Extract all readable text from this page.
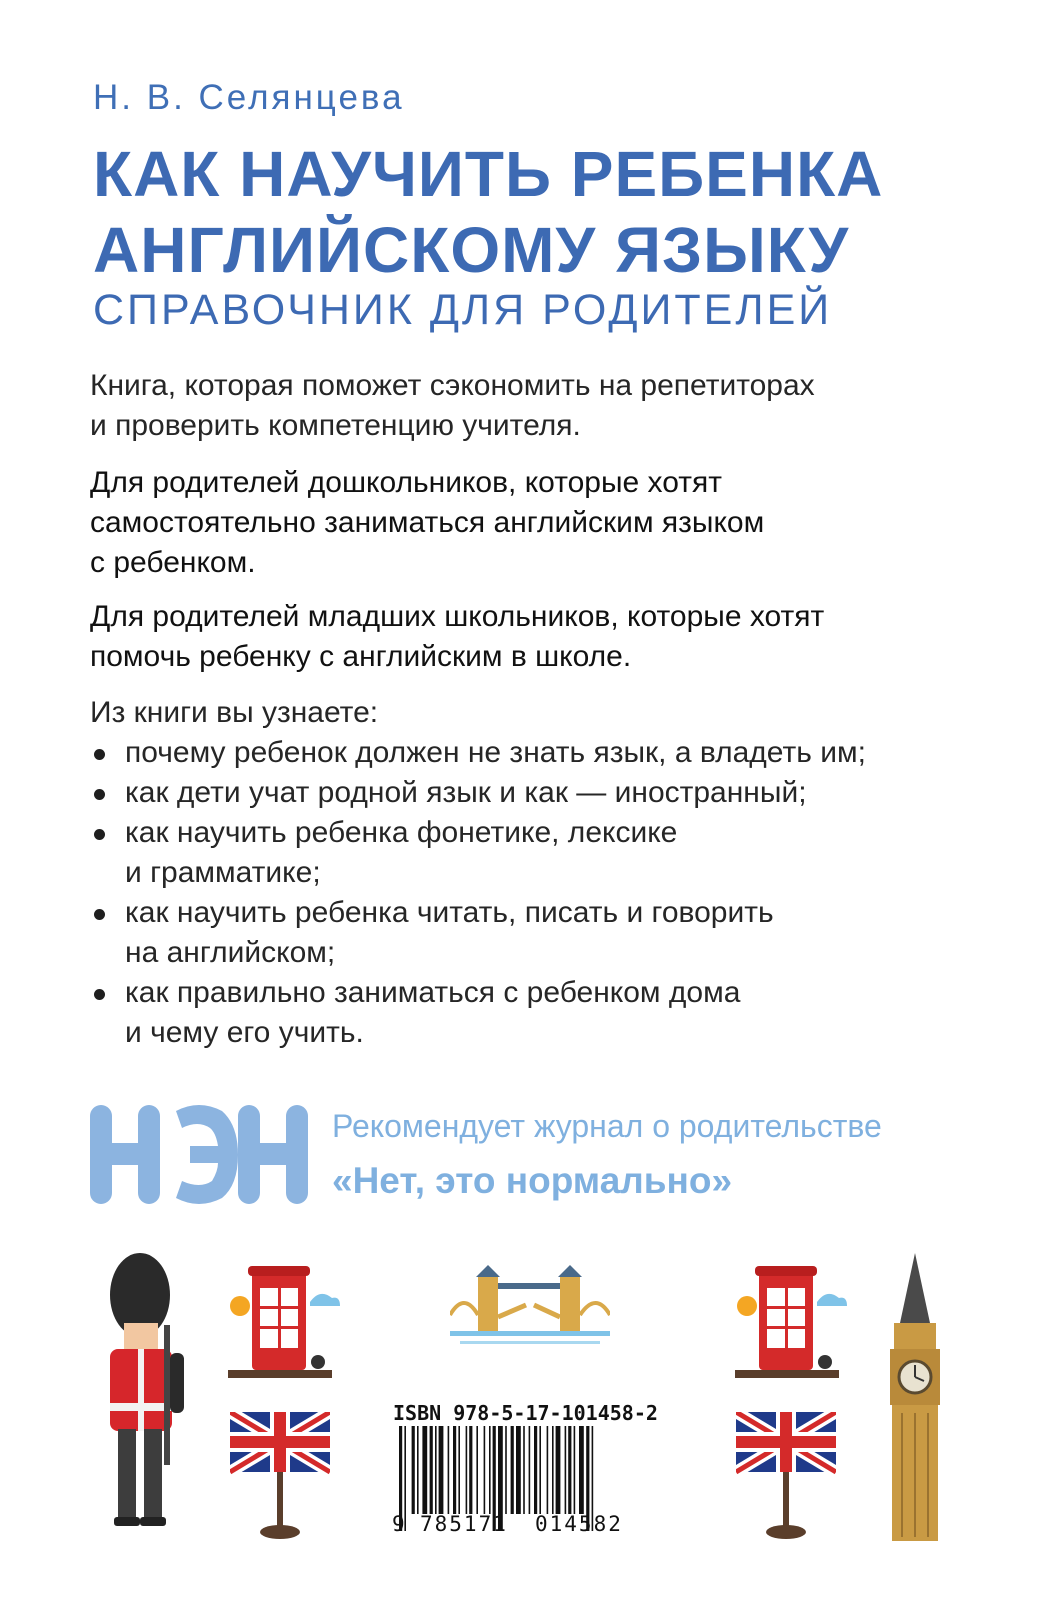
Н. В. Селянцева
КАК НАУЧИТЬ РЕБЕНКА
АНГЛИЙСКОМУ ЯЗЫКУ
СПРАВОЧНИК ДЛЯ РОДИТЕЛЕЙ
Книга, которая поможет сэкономить на репетиторах
и проверить компетенцию учителя.
Для родителей дошкольников, которые хотят
самостоятельно заниматься английским языком
с ребенком.
Для родителей младших школьников, которые хотят
помочь ребенку с английским в школе.
Из книги вы узнаете:
почему ребенок должен не знать язык, а владеть им;
как дети учат родной язык и как — иностранный;
как научить ребенка фонетике, лексике
и грамматике;
как научить ребенка читать, писать и говорить
на английском;
как правильно заниматься с ребенком дома
и чему его учить.
Рекомендует журнал о родительстве
«Нет, это нормально»
ISBN 978-5-17-101458-2
9 785171 014582
